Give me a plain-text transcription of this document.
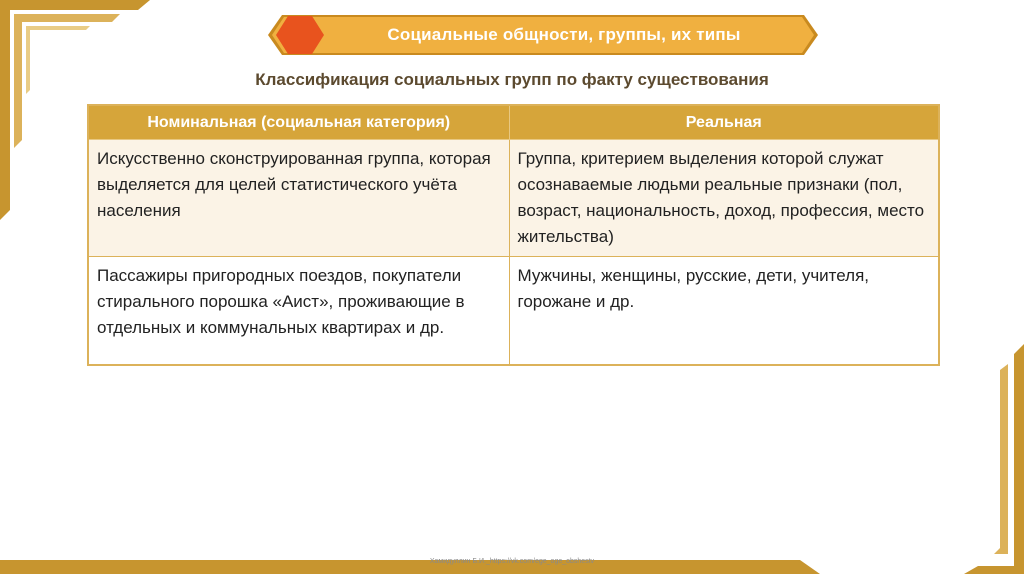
Социальные общности, группы, их типы
Классификация социальных групп по факту существования
Номинальная (социальная категория)	Реальная
Искусственно сконструированная группа, которая выделяется для целей статистического учёта населения	Группа, критерием выделения которой служат осознаваемые людьми реальные признаки (пол, возраст, национальность, доход, профессия, место жительства)
Пассажиры пригородных поездов, покупатели стирального порошка «Аист», проживающие в отдельных и коммунальных квартирах и др.	Мужчины, женщины, русские, дети, учителя, горожане и др.
Хамидуллин Б.И._https://vk.com/ege_oge_obshestv
